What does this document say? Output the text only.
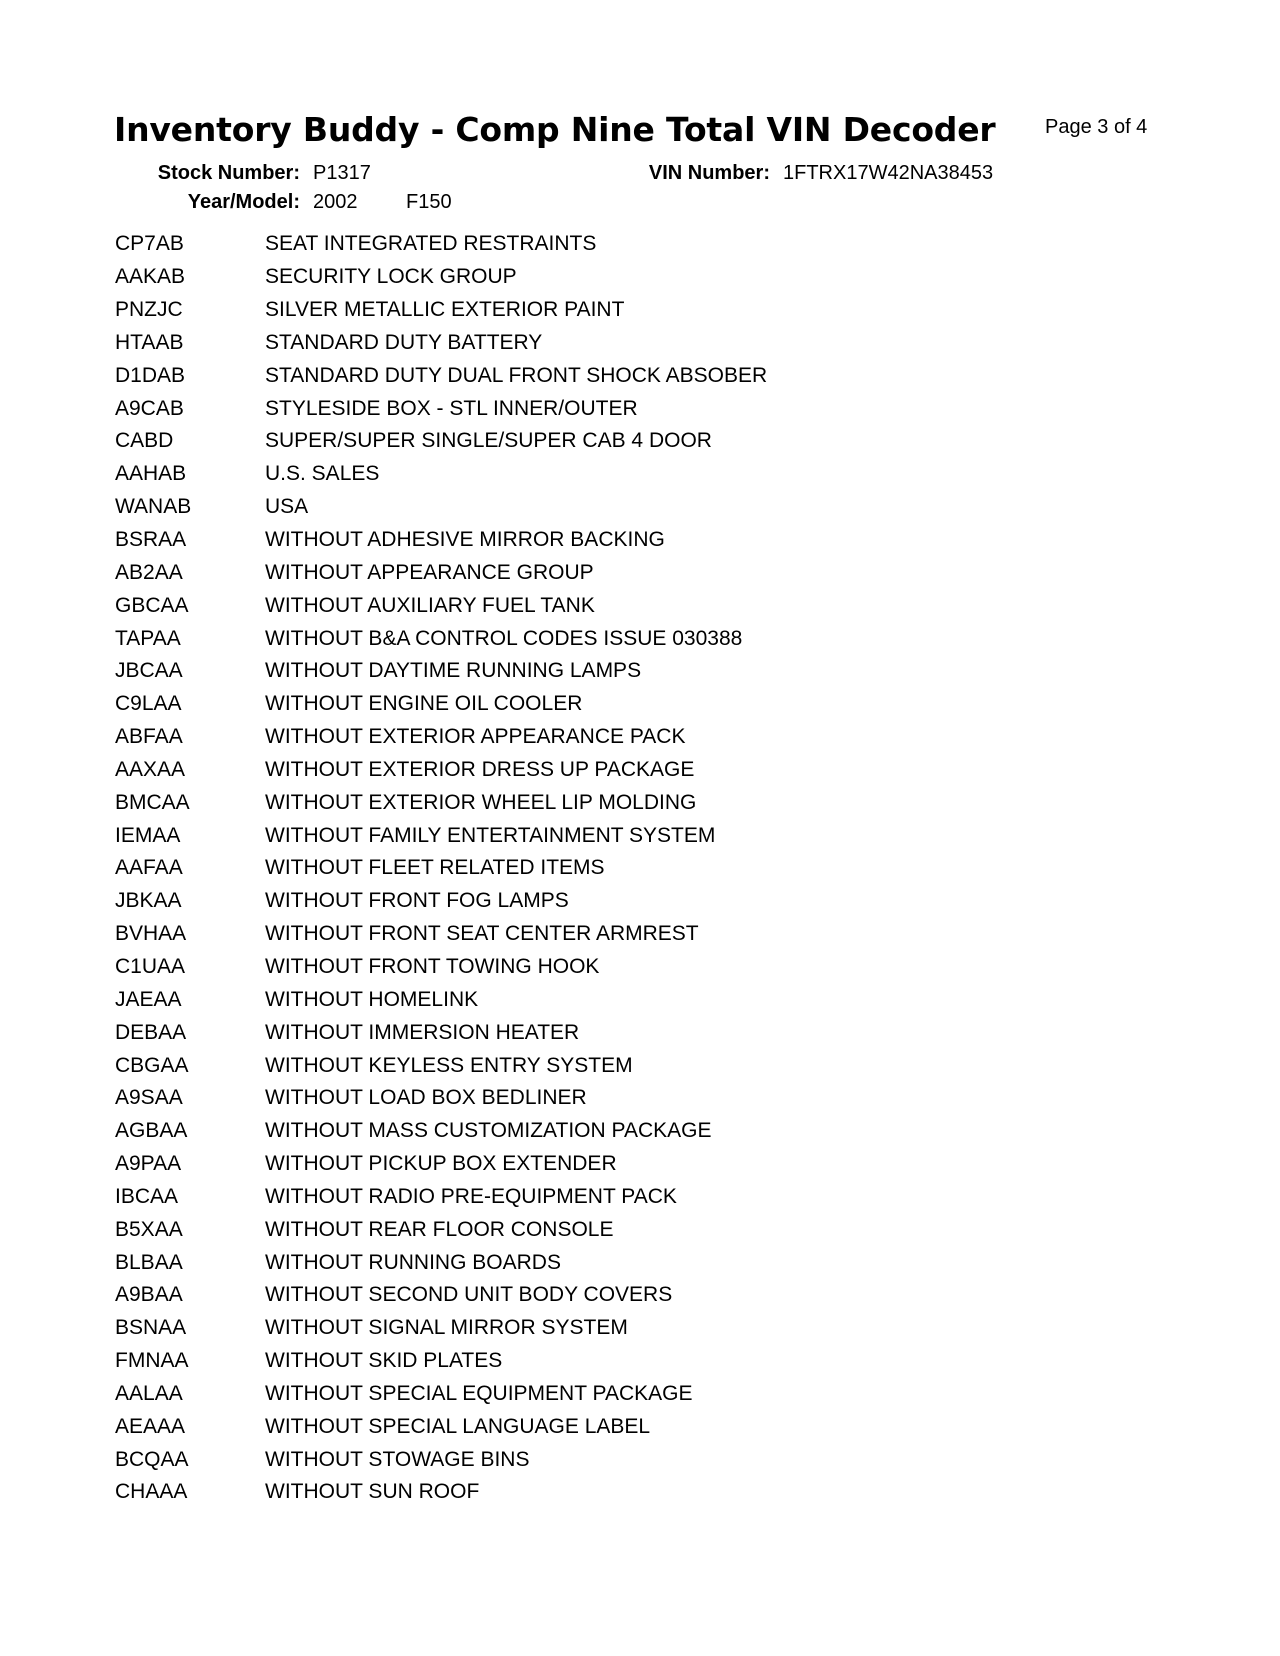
Inventory Buddy - Comp Nine Total VIN Decoder Page 3 of 4
Stock Number: P1317
Year/Model: 2002 F150
VIN Number: 1FTRX17W42NA38453
CP7AB	SEAT INTEGRATED RESTRAINTS
AAKAB	SECURITY LOCK GROUP
PNZJC	SILVER METALLIC EXTERIOR PAINT
HTAAB	STANDARD DUTY BATTERY
D1DAB	STANDARD DUTY DUAL FRONT SHOCK ABSOBER
A9CAB	STYLESIDE BOX - STL INNER/OUTER
CABD	SUPER/SUPER SINGLE/SUPER CAB 4 DOOR
AAHAB	U.S. SALES
WANAB	USA
BSRAA	WITHOUT ADHESIVE MIRROR BACKING
AB2AA	WITHOUT APPEARANCE GROUP
GBCAA	WITHOUT AUXILIARY FUEL TANK
TAPAA	WITHOUT B&A CONTROL CODES ISSUE 030388
JBCAA	WITHOUT DAYTIME RUNNING LAMPS
C9LAA	WITHOUT ENGINE OIL COOLER
ABFAA	WITHOUT EXTERIOR APPEARANCE PACK
AAXAA	WITHOUT EXTERIOR DRESS UP PACKAGE
BMCAA	WITHOUT EXTERIOR WHEEL LIP MOLDING
IEMAA	WITHOUT FAMILY ENTERTAINMENT SYSTEM
AAFAA	WITHOUT FLEET RELATED ITEMS
JBKAA	WITHOUT FRONT FOG LAMPS
BVHAA	WITHOUT FRONT SEAT CENTER ARMREST
C1UAA	WITHOUT FRONT TOWING HOOK
JAEAA	WITHOUT HOMELINK
DEBAA	WITHOUT IMMERSION HEATER
CBGAA	WITHOUT KEYLESS ENTRY SYSTEM
A9SAA	WITHOUT LOAD BOX BEDLINER
AGBAA	WITHOUT MASS CUSTOMIZATION PACKAGE
A9PAA	WITHOUT PICKUP BOX EXTENDER
IBCAA	WITHOUT RADIO PRE-EQUIPMENT PACK
B5XAA	WITHOUT REAR FLOOR CONSOLE
BLBAA	WITHOUT RUNNING BOARDS
A9BAA	WITHOUT SECOND UNIT BODY COVERS
BSNAA	WITHOUT SIGNAL MIRROR SYSTEM
FMNAA	WITHOUT SKID PLATES
AALAA	WITHOUT SPECIAL EQUIPMENT PACKAGE
AEAAA	WITHOUT SPECIAL LANGUAGE LABEL
BCQAA	WITHOUT STOWAGE BINS
CHAAA	WITHOUT SUN ROOF
